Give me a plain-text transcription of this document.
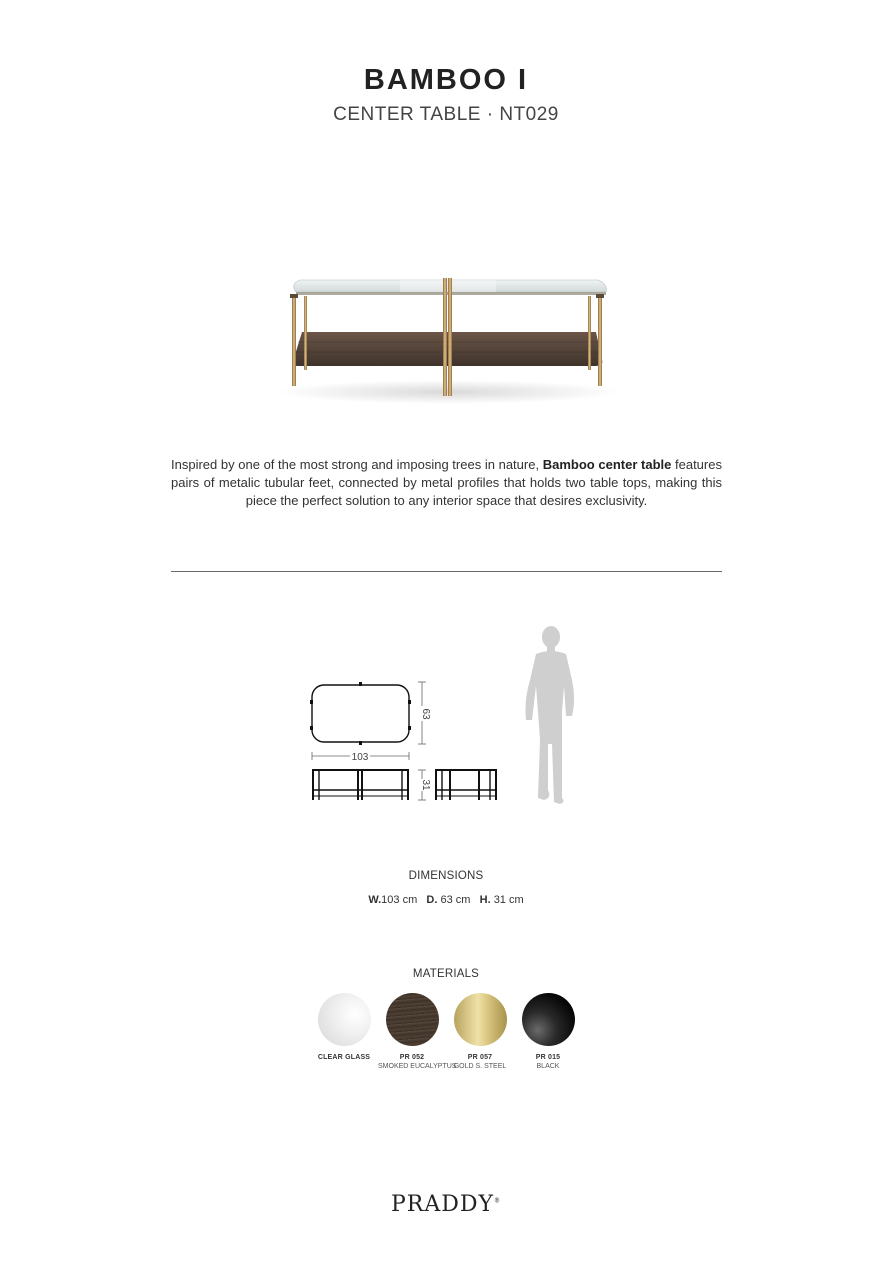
BAMBOO I
CENTER TABLE · NT029
Inspired by one of the most strong and imposing trees in nature, Bamboo center table features pairs of metalic tubular feet, connected by metal profiles that holds two table tops, making this piece the perfect solution to any interior space that desires exclusivity.
63
103
31
DIMENSIONS
W.103 cm D. 63 cm H. 31 cm
MATERIALS
CLEAR GLASS	PR 052
SMOKED EUCALYPTUS
PR 057
GOLD S. STEEL
PR 015
BLACK
PRADDY®
